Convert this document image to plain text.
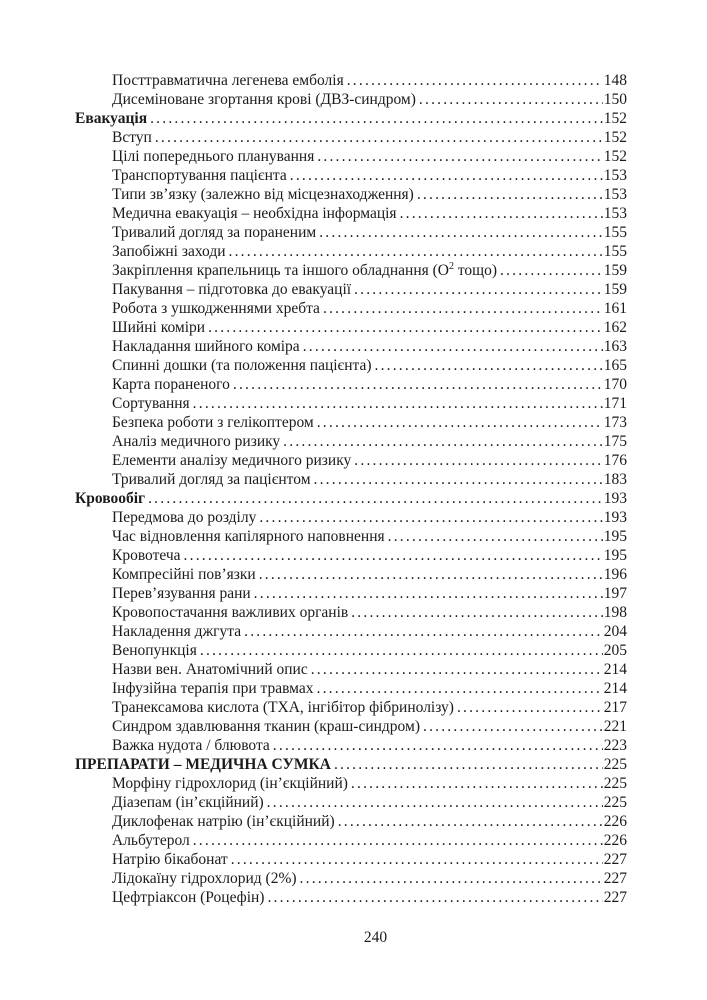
Посттравматична легенева емболія .....	148
Дисеміноване згортання крові (ДВЗ-синдром) .....	150
Евакуація .....	152
Вступ .....	152
Цілі попереднього планування .....	152
Транспортування пацієнта .....	153
Типи зв’язку (залежно від місцезнаходження) .....	153
Медична евакуація – необхідна інформація .....	153
Тривалий догляд за пораненим .....	155
Запобіжні заходи .....	155
Закріплення крапельниць та іншого обладнання ($О^2$ тощо) .....	159
Пакування – підготовка до евакуації .....	159
Робота з ушкодженнями хребта .....	161
Шийні коміри .....	162
Накладання шийного коміра .....	163
Спинні дошки (та положення пацієнта) .....	165
Карта пораненого .....	170
Сортування .....	171
Безпека роботи з гелікоптером .....	173
Аналіз медичного ризику .....	175
Елементи аналізу медичного ризику .....	176
Тривалий догляд за пацієнтом .....	183
Кровообіг .....	193
Передмова до розділу .....	193
Час відновлення капілярного наповнення .....	195
Кровотеча .....	195
Компресійні пов’язки .....	196
Перев’язування рани .....	197
Кровопостачання важливих органів .....	198
Накладення джгута .....	204
Венопункція .....	205
Назви вен. Анатомічний опис .....	214
Інфузійна терапія при травмах .....	214
Транексамова кислота (ТХА, інгібітор фібринолізу) .....	217
Синдром здавлювання тканин (краш-синдром) .....	221
Важка нудота / блювота .....	223
ПРЕПАРАТИ – МЕДИЧНА СУМКА .....	225
Морфіну гідрохлорид (ін’єкційний) .....	225
Діазепам (ін’єкційний) .....	225
Диклофенак натрію (ін’єкційний) .....	226
Альбутерол .....	226
Натрію бікабонат .....	227
Лідокаїну гідрохлорид (2%) .....	227
Цефтріаксон (Роцефін) .....	227
240
